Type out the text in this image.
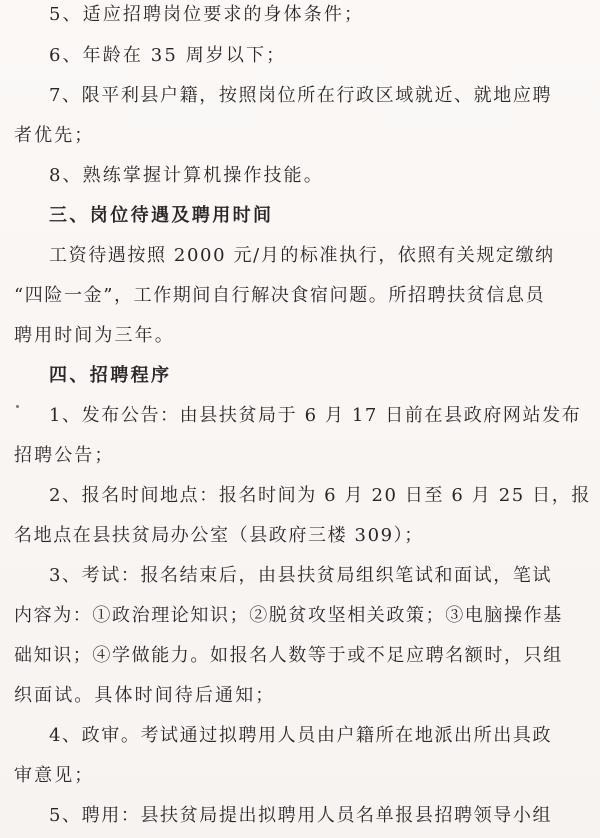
5、适应招聘岗位要求的身体条件；
6、年龄在 35 周岁以下；
7、限平利县户籍，按照岗位所在行政区域就近、就地应聘
者优先；
8、熟练掌握计算机操作技能。
三、岗位待遇及聘用时间
工资待遇按照 2000 元/月的标准执行，依照有关规定缴纳
“四险一金”，工作期间自行解决食宿问题。所招聘扶贫信息员
聘用时间为三年。
四、招聘程序
1、发布公告：由县扶贫局于 6 月 17 日前在县政府网站发布
招聘公告；
2、报名时间地点：报名时间为 6 月 20 日至 6 月 25 日，报
名地点在县扶贫局办公室（县政府三楼 309）；
3、考试：报名结束后，由县扶贫局组织笔试和面试，笔试
内容为：①政治理论知识；②脱贫攻坚相关政策；③电脑操作基
础知识；④学做能力。如报名人数等于或不足应聘名额时，只组
织面试。具体时间待后通知；
4、政审。考试通过拟聘用人员由户籍所在地派出所出具政
审意见；
5、聘用：县扶贫局提出拟聘用人员名单报县招聘领导小组
